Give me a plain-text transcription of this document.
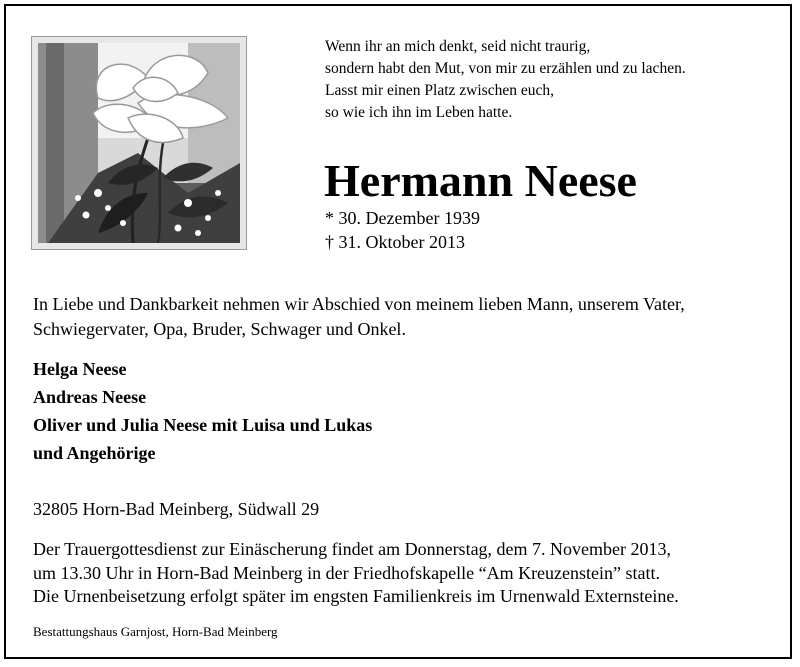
Wenn ihr an mich denkt, seid nicht traurig,
sondern habt den Mut, von mir zu erzählen und zu lachen.
Lasst mir einen Platz zwischen euch,
so wie ich ihn im Leben hatte.
Hermann Neese
* 30. Dezember 1939
† 31. Oktober 2013
In Liebe und Dankbarkeit nehmen wir Abschied von meinem lieben Mann, unserem Vater, Schwiegervater, Opa, Bruder, Schwager und Onkel.
Helga Neese
Andreas Neese
Oliver und Julia Neese mit Luisa und Lukas
und Angehörige
32805 Horn-Bad Meinberg, Südwall 29
Der Trauergottesdienst zur Einäscherung findet am Donnerstag, dem 7. November 2013,
um 13.30 Uhr in Horn-Bad Meinberg in der Friedhofskapelle “Am Kreuzenstein” statt.
Die Urnenbeisetzung erfolgt später im engsten Familienkreis im Urnenwald Externsteine.
Bestattungshaus Garnjost, Horn-Bad Meinberg
